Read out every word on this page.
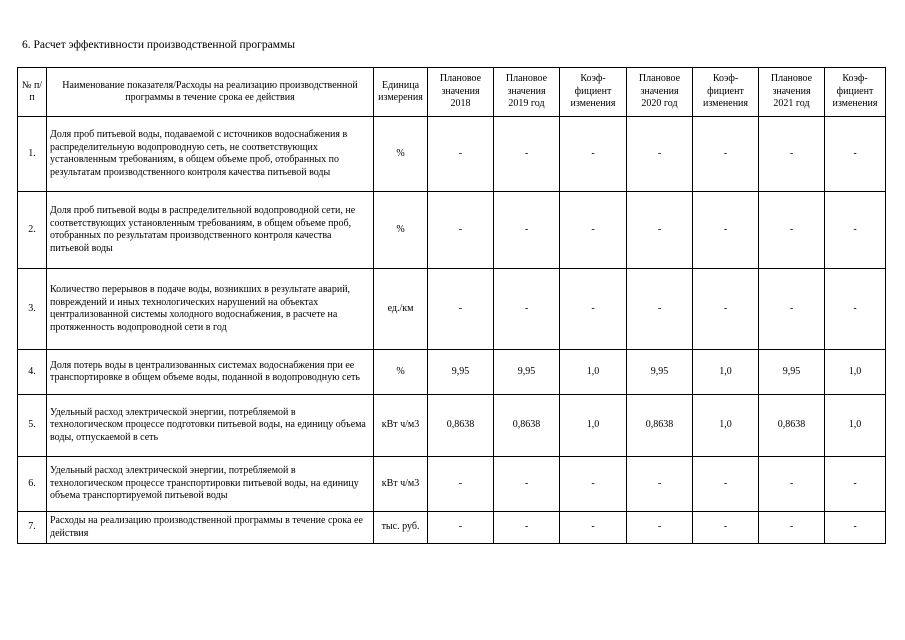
6. Расчет эффективности производственной программы
№ п/п	Наименование показателя/Расходы на реализацию производственной программы в течение срока ее действия	Единица измерения	Плановое значения 2018	Плановое значения 2019 год	Коэф-фициент изменения	Плановое значения 2020 год	Коэф-фициент изменения	Плановое значения 2021 год	Коэф-фициент изменения
1.	Доля проб питьевой воды, подаваемой с источников водоснабжения в распределительную водопроводную сеть, не соответствующих установленным требованиям, в общем объеме проб, отобранных по результатам производственного контроля качества питьевой воды	%	-	-	-	-	-	-	-
2.	Доля проб питьевой воды в распределительной водопроводной сети, не соответствующих установленным требованиям, в общем объеме проб, отобранных по результатам производственного контроля качества питьевой воды	%	-	-	-	-	-	-	-
3.	Количество перерывов в подаче воды, возникших в результате аварий, повреждений и иных технологических нарушений на объектах централизованной системы холодного водоснабжения, в расчете на протяженность водопроводной сети в год	ед./км	-	-	-	-	-	-	-
4.	Доля потерь воды в централизованных системах водоснабжения при ее транспортировке в общем объеме воды, поданной в водопроводную сеть	%	9,95	9,95	1,0	9,95	1,0	9,95	1,0
5.	Удельный расход электрической энергии, потребляемой в технологическом процессе подготовки питьевой воды, на единицу объема воды, отпускаемой в сеть	кВт ч/м3	0,8638	0,8638	1,0	0,8638	1,0	0,8638	1,0
6.	Удельный расход электрической энергии, потребляемой в технологическом процессе транспортировки питьевой воды, на единицу объема транспортируемой питьевой воды	кВт ч/м3	-	-	-	-	-	-	-
7.	Расходы на реализацию производственной программы в течение срока ее действия	тыс. руб.	-	-	-	-	-	-	-
